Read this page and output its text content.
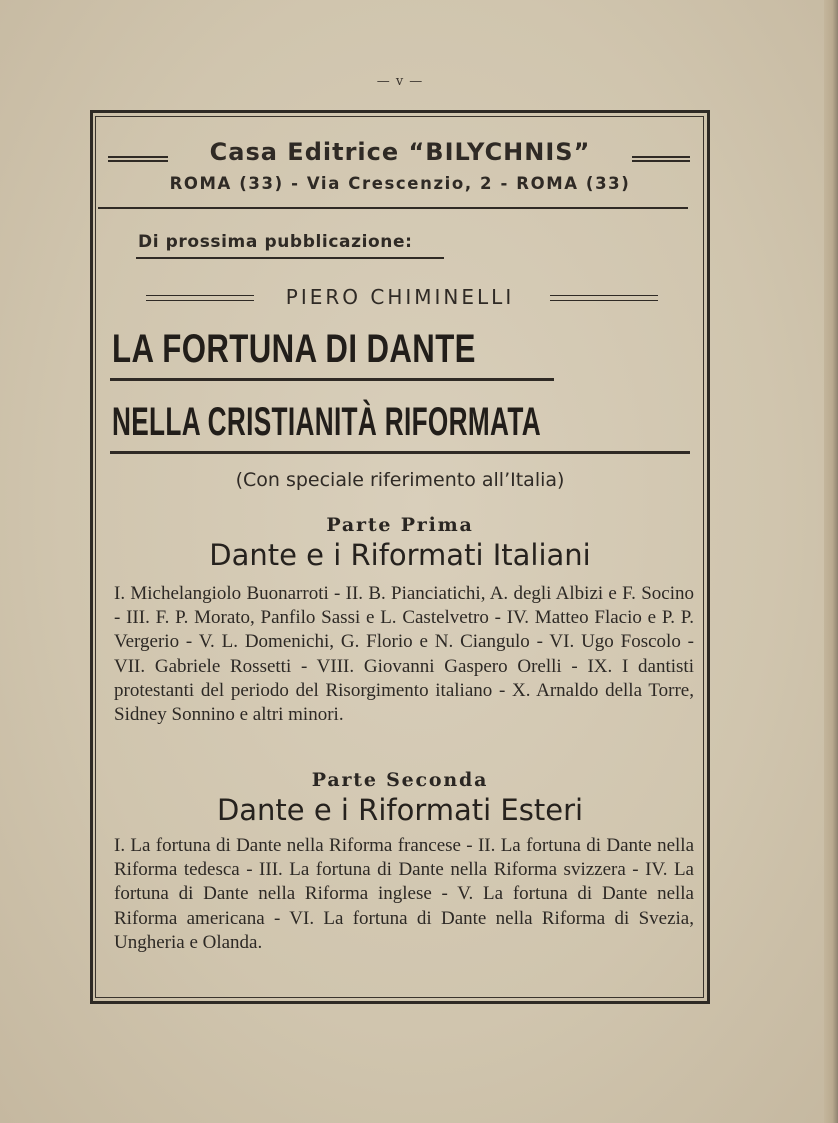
— v —
Casa Editrice “BILYCHNIS”
ROMA (33) - Via Crescenzio, 2 - ROMA (33)
Di prossima pubblicazione:
PIERO CHIMINELLI
LA FORTUNA DI DANTE
NELLA CRISTIANITÀ RIFORMATA
(Con speciale riferimento all’Italia)
Parte Prima
Dante e i Riformati Italiani
I. Michelangiolo Buonarroti - II. B. Pianciatichi, A. degli Albizi e F. Socino - III. F. P. Morato, Panfilo Sassi e L. Castelvetro - IV. Matteo Flacio e P. P. Vergerio - V. L. Domenichi, G. Florio e N. Ciangulo - VI. Ugo Foscolo - VII. Gabriele Rossetti - VIII. Giovanni Gaspero Orelli - IX. I dantisti protestanti del periodo del Risorgimento italiano - X. Arnaldo della Torre, Sidney Sonnino e altri minori.
Parte Seconda
Dante e i Riformati Esteri
I. La fortuna di Dante nella Riforma francese - II. La fortuna di Dante nella Riforma tedesca - III. La fortuna di Dante nella Riforma svizzera - IV. La fortuna di Dante nella Riforma inglese - V. La fortuna di Dante nella Riforma americana - VI. La fortuna di Dante nella Riforma di Svezia, Ungheria e Olanda.
